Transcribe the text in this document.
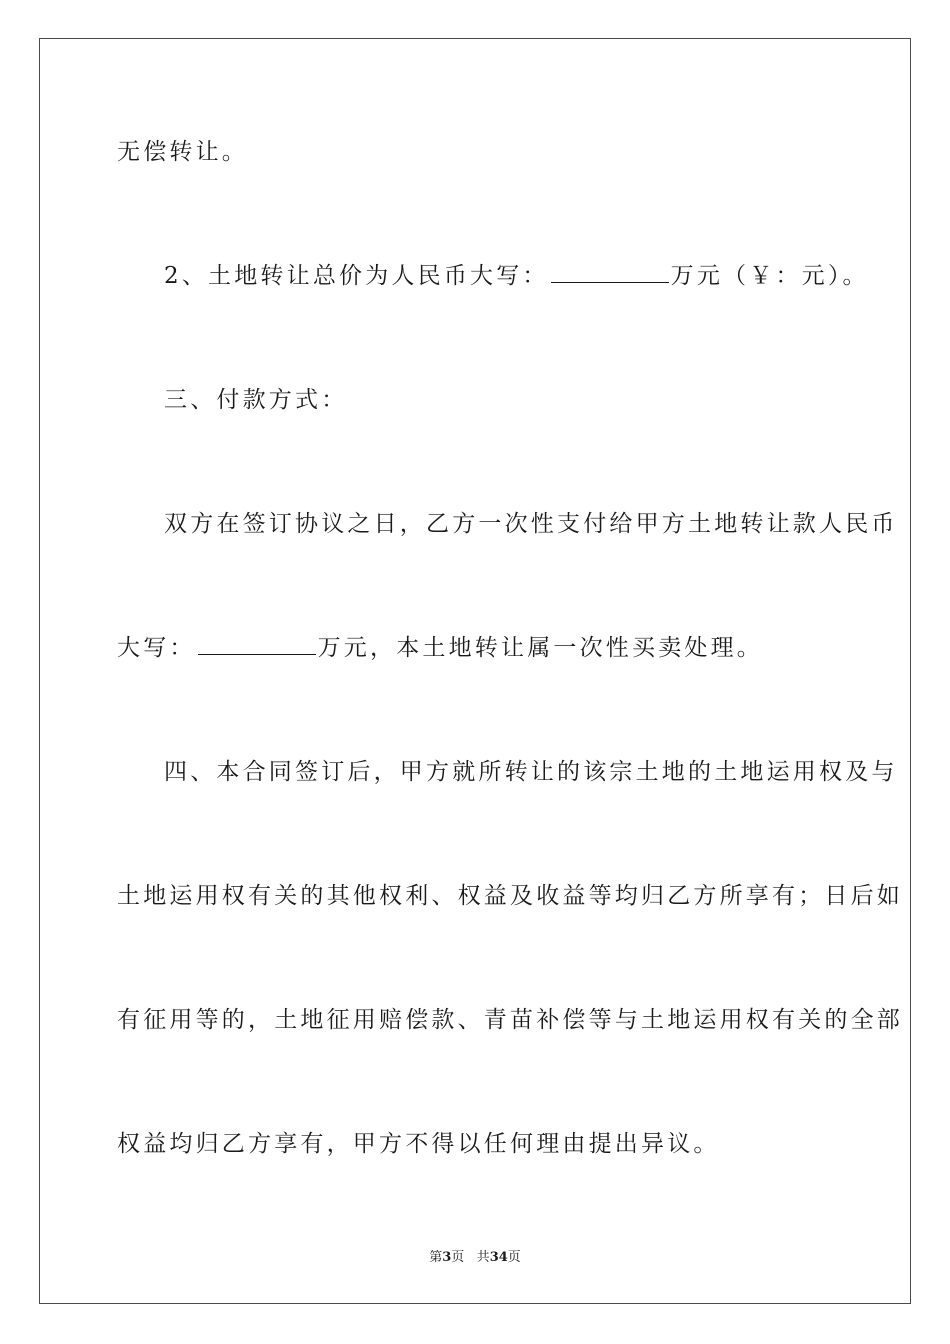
无偿转让。
2、土地转让总价为人民币大写：	万元（￥：元）。
三、付款方式：
双方在签订协议之日，乙方一次性支付给甲方土地转让款人民币
大写：	万元，本土地转让属一次性买卖处理。
四、本合同签订后，甲方就所转让的该宗土地的土地运用权及与
土地运用权有关的其他权利、权益及收益等均归乙方所享有；日后如
有征用等的，土地征用赔偿款、青苗补偿等与土地运用权有关的全部
权益均归乙方享有，甲方不得以任何理由提出异议。
第3页 共34页
